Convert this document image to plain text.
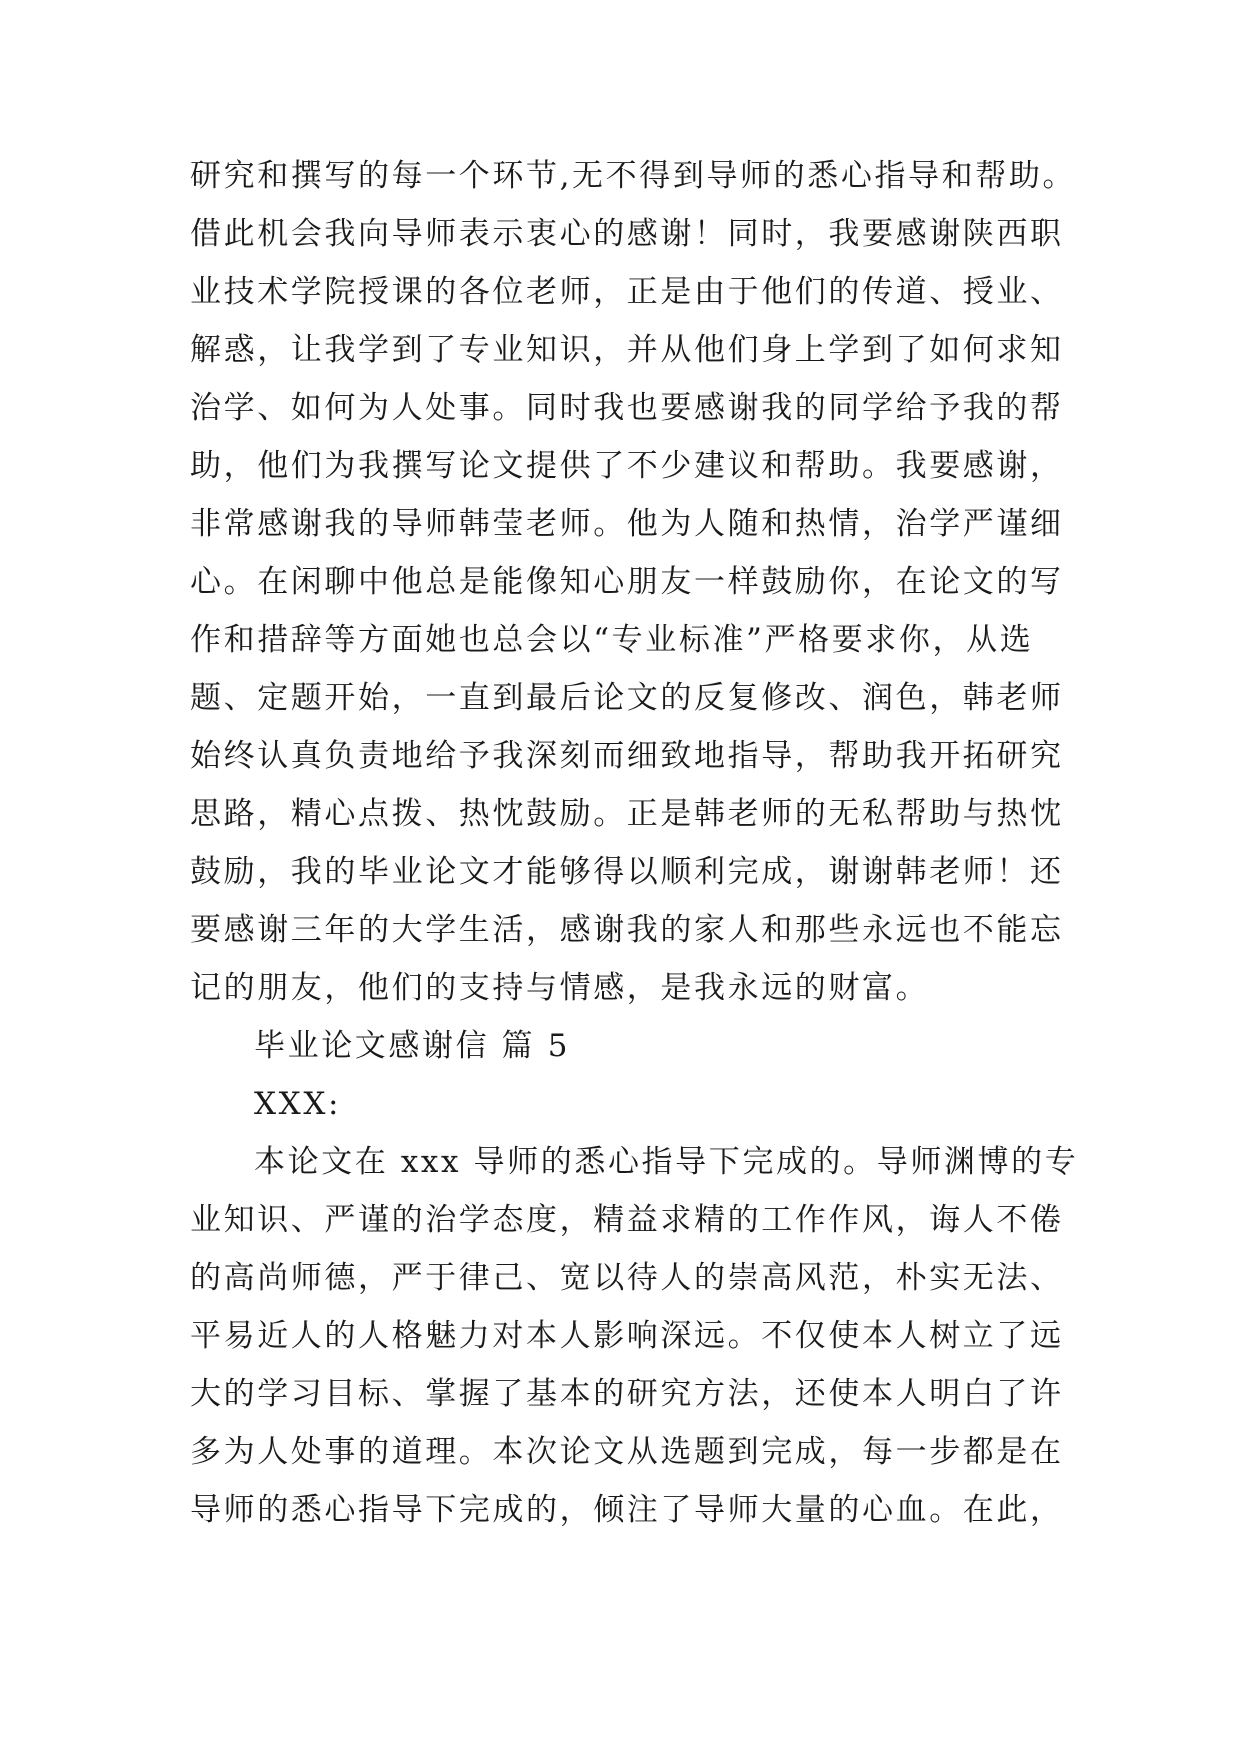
研究和撰写的每一个环节,无不得到导师的悉心指导和帮助。
借此机会我向导师表示衷心的感谢！同时，我要感谢陕西职
业技术学院授课的各位老师，正是由于他们的传道、授业、
解惑，让我学到了专业知识，并从他们身上学到了如何求知
治学、如何为人处事。同时我也要感谢我的同学给予我的帮
助，他们为我撰写论文提供了不少建议和帮助。我要感谢，
非常感谢我的导师韩莹老师。他为人随和热情，治学严谨细
心。在闲聊中他总是能像知心朋友一样鼓励你，在论文的写
作和措辞等方面她也总会以“专业标准”严格要求你，从选
题、定题开始，一直到最后论文的反复修改、润色，韩老师
始终认真负责地给予我深刻而细致地指导，帮助我开拓研究
思路，精心点拨、热忱鼓励。正是韩老师的无私帮助与热忱
鼓励，我的毕业论文才能够得以顺利完成，谢谢韩老师！还
要感谢三年的大学生活，感谢我的家人和那些永远也不能忘
记的朋友，他们的支持与情感，是我永远的财富。
毕业论文感谢信 篇 5
XXX:
本论文在 xxx 导师的悉心指导下完成的。导师渊博的专
业知识、严谨的治学态度，精益求精的工作作风，诲人不倦
的高尚师德，严于律己、宽以待人的崇高风范，朴实无法、
平易近人的人格魅力对本人影响深远。不仅使本人树立了远
大的学习目标、掌握了基本的研究方法，还使本人明白了许
多为人处事的道理。本次论文从选题到完成，每一步都是在
导师的悉心指导下完成的，倾注了导师大量的心血。在此，
